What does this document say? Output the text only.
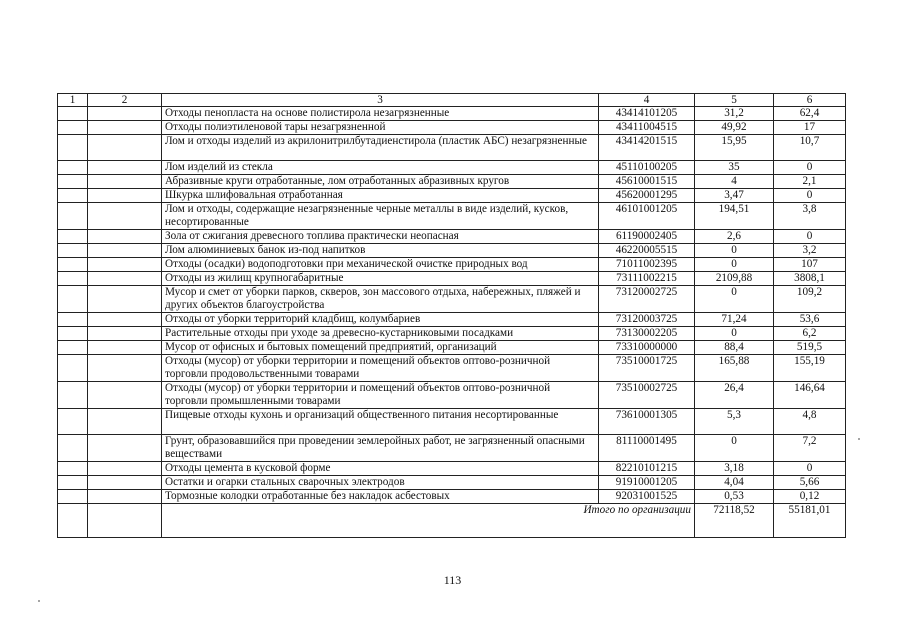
1	2	3	4	5	6
		Отходы пенопласта на основе полистирола незагрязненные	43414101205	31,2	62,4
		Отходы полиэтиленовой тары незагрязненной	43411004515	49,92	17
		Лом и отходы изделий из акрилонитрилбутадиенстирола (пластик АБС) незагрязненные	43414201515	15,95	10,7
		Лом изделий из стекла	45110100205	35	0
		Абразивные круги отработанные, лом отработанных абразивных кругов	45610001515	4	2,1
		Шкурка шлифовальная отработанная	45620001295	3,47	0
		Лом и отходы, содержащие незагрязненные черные металлы в виде изделий, кусков, несортированные	46101001205	194,51	3,8
		Зола от сжигания древесного топлива практически неопасная	61190002405	2,6	0
		Лом алюминиевых банок из-под напитков	46220005515	0	3,2
		Отходы (осадки) водоподготовки при механической очистке природных вод	71011002395	0	107
		Отходы из жилищ крупногабаритные	73111002215	2109,88	3808,1
		Мусор и смет от уборки парков, скверов, зон массового отдыха, набережных, пляжей и других объектов благоустройства	73120002725	0	109,2
		Отходы от уборки территорий кладбищ, колумбариев	73120003725	71,24	53,6
		Растительные отходы при уходе за древесно-кустарниковыми посадками	73130002205	0	6,2
		Мусор от офисных и бытовых помещений предприятий, организаций	73310000000	88,4	519,5
		Отходы (мусор) от уборки территории и помещений объектов оптово-розничной торговли продовольственными товарами	73510001725	165,88	155,19
		Отходы (мусор) от уборки территории и помещений объектов оптово-розничной торговли промышленными товарами	73510002725	26,4	146,64
		Пищевые отходы кухонь и организаций общественного питания несортированные	73610001305	5,3	4,8
		Грунт, образовавшийся при проведении землеройных работ, не загрязненный опасными веществами	81110001495	0	7,2
		Отходы цемента в кусковой форме	82210101215	3,18	0
		Остатки и огарки стальных сварочных электродов	91910001205	4,04	5,66
		Тормозные колодки отработанные без накладок асбестовых	92031001525	0,53	0,12
		Итого по организации		72118,52	55181,01
113
